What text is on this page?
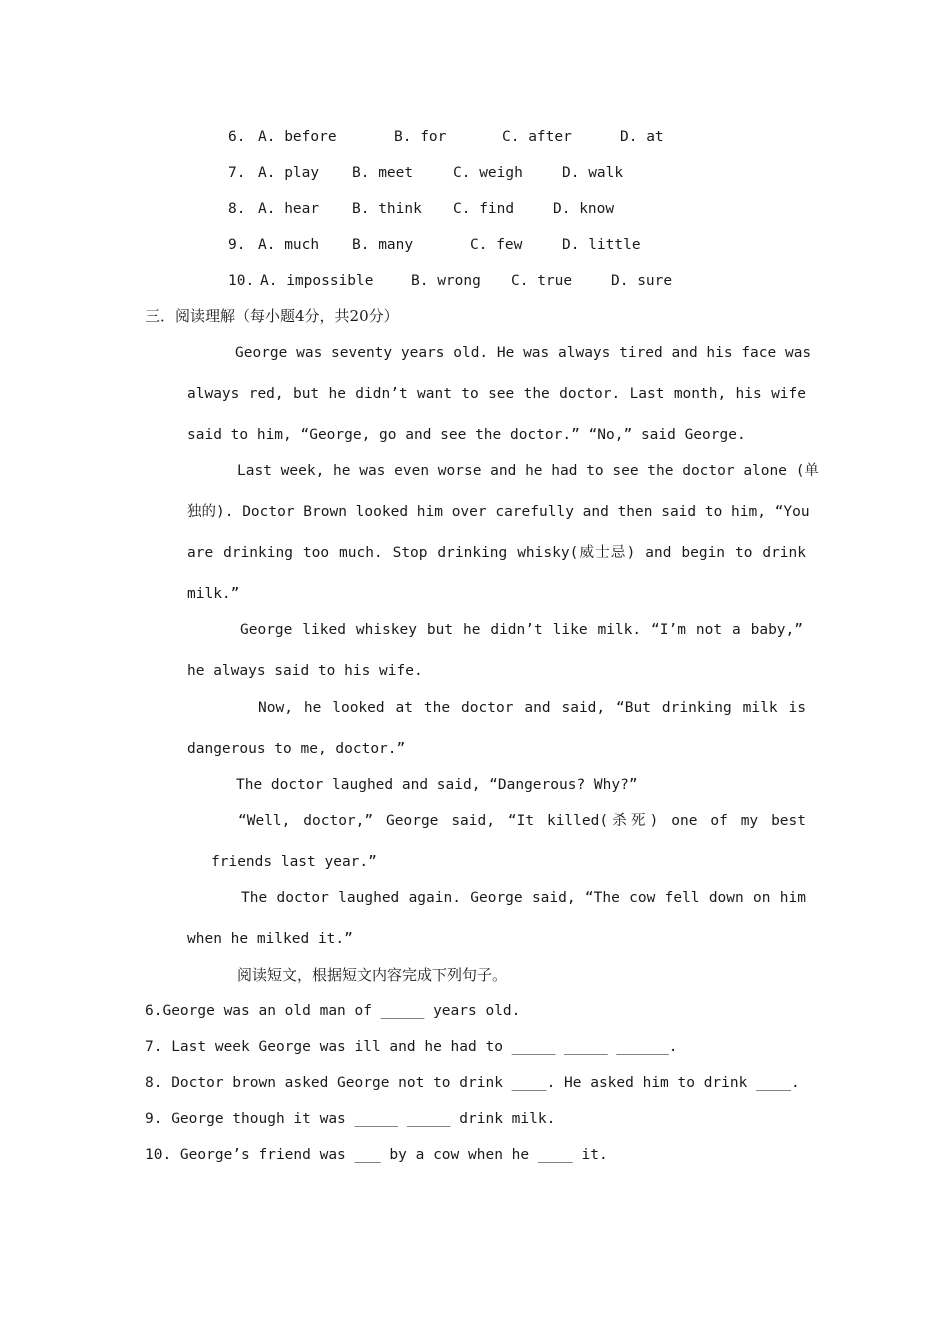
6. A. before	B. for	C. after	D. at
7. A. play B. meet	C. weigh	D. walk
8. A. hear B. think C. find	D. know
9. A. much B. many	C. few	D. little
10. A. impossible	B. wrong C. true	D. sure
三．阅读理解（每小题4分，共20分）
George was seventy years old. He was always tired and his face was
always red, but he didn’t want to see the doctor. Last month, his wife
said to him, “George, go and see the doctor.” “No,” said George.
Last week, he was even worse and he had to see the doctor alone (单
独的). Doctor Brown looked him over carefully and then said to him, “You
are drinking too much. Stop drinking whisky(威士忌) and begin to drink
milk.”
George liked whiskey but he didn’t like milk. “I’m not a baby,”
he always said to his wife.
Now, he looked at the doctor and said, “But drinking milk is
dangerous to me, doctor.”
The doctor laughed and said, “Dangerous? Why?”
“Well, doctor,” George said, “It killed(杀死) one of my best
friends last year.”
The doctor laughed again. George said, “The cow fell down on him
when he milked it.”
阅读短文，根据短文内容完成下列句子。
6.George was an old man of _____ years old.
7. Last week George was ill and he had to _____ _____ ______.
8. Doctor brown asked George not to drink ____. He asked him to drink ____.
9. George though it was _____ _____ drink milk.
10. George’s friend was ___ by a cow when he ____ it.
